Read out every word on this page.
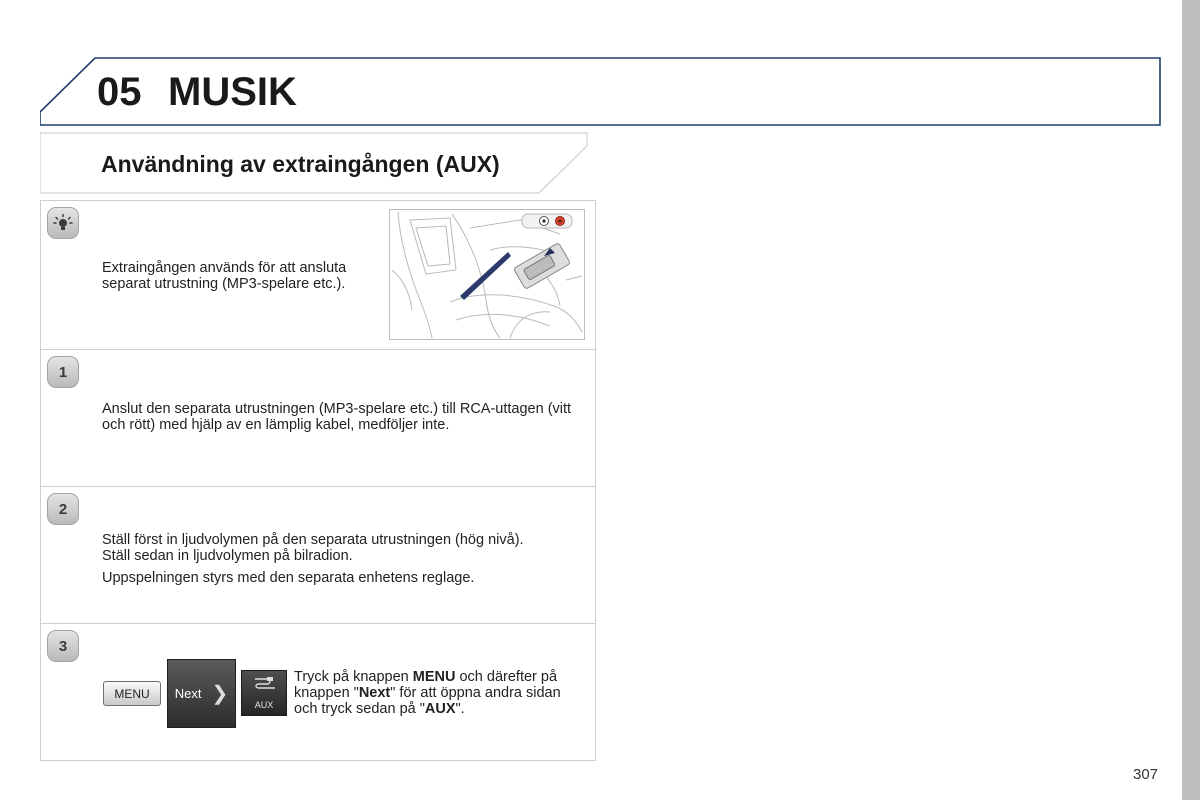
05 MUSIK
Användning av extraingången (AUX)
Extraingången används för att ansluta separat utrustning (MP3-spelare etc.).
1
Anslut den separata utrustningen (MP3-spelare etc.) till RCA-uttagen (vitt och rött) med hjälp av en lämplig kabel, medföljer inte.
2
Ställ först in ljudvolymen på den separata utrustningen (hög nivå).
Ställ sedan in ljudvolymen på bilradion.
Uppspelningen styrs med den separata enhetens reglage.
3
MENU	Next ❯	AUX
Tryck på knappen MENU och därefter på knappen "Next" för att öppna andra sidan och tryck sedan på "AUX".
307
